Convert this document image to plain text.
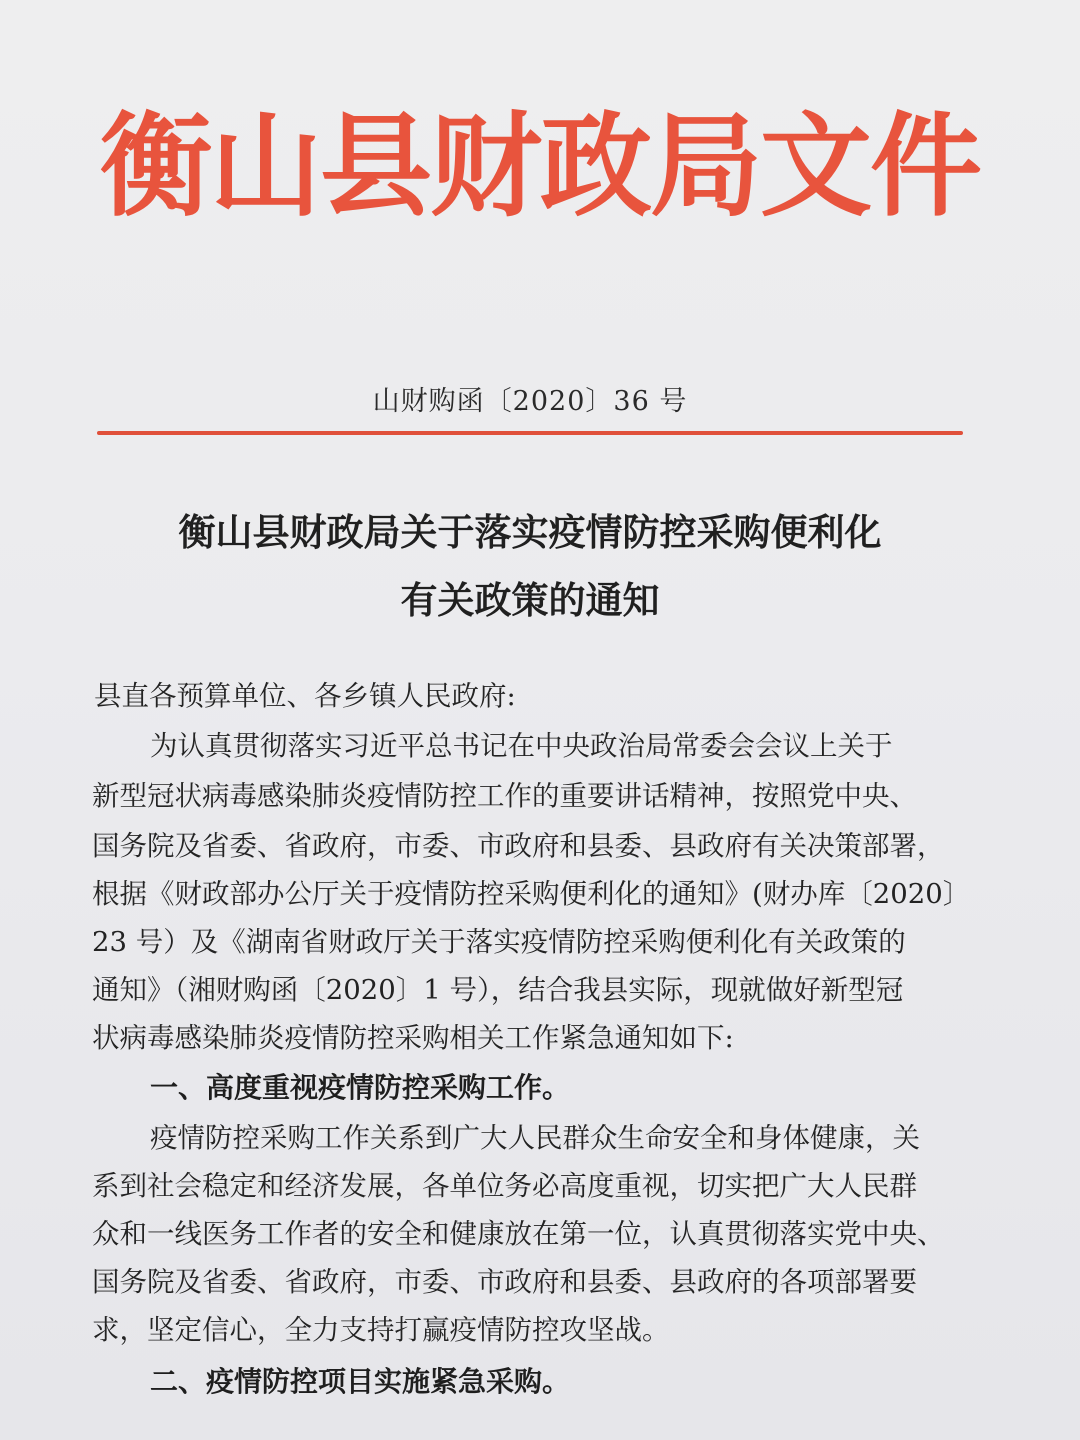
衡山县财政局文件
山财购函〔2020〕36 号
衡山县财政局关于落实疫情防控采购便利化
有关政策的通知
县直各预算单位、各乡镇人民政府:
为认真贯彻落实习近平总书记在中央政治局常委会会议上关于
新型冠状病毒感染肺炎疫情防控工作的重要讲话精神，按照党中央、
国务院及省委、省政府，市委、市政府和县委、县政府有关决策部署，
根据《财政部办公厅关于疫情防控采购便利化的通知》(财办库〔2020〕
23 号）及《湖南省财政厅关于落实疫情防控采购便利化有关政策的
通知》（湘财购函〔2020〕1 号），结合我县实际，现就做好新型冠
状病毒感染肺炎疫情防控采购相关工作紧急通知如下:
一、高度重视疫情防控采购工作。
疫情防控采购工作关系到广大人民群众生命安全和身体健康，关
系到社会稳定和经济发展，各单位务必高度重视，切实把广大人民群
众和一线医务工作者的安全和健康放在第一位，认真贯彻落实党中央、
国务院及省委、省政府，市委、市政府和县委、县政府的各项部署要
求，坚定信心，全力支持打赢疫情防控攻坚战。
二、疫情防控项目实施紧急采购。
